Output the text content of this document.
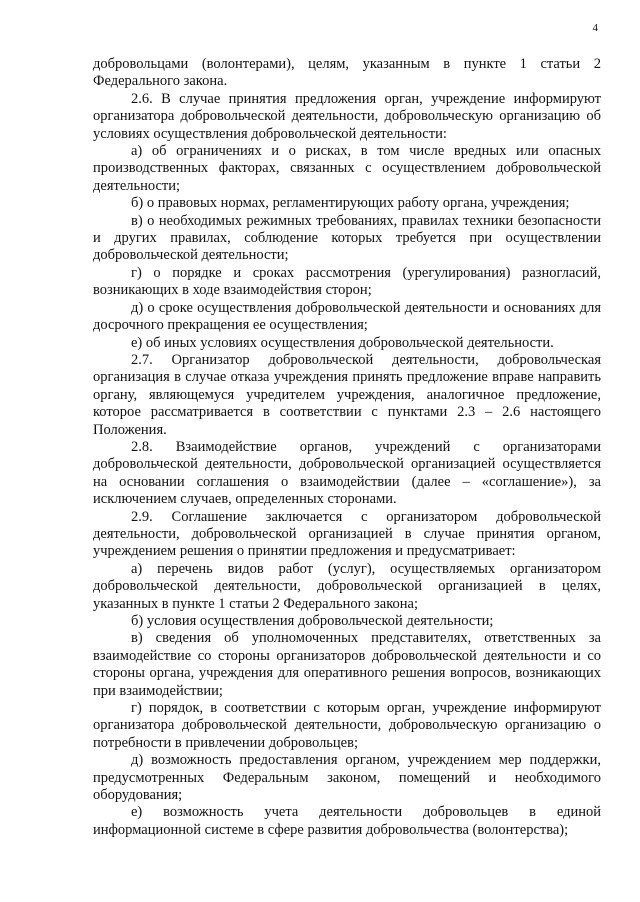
4

добровольцами (волонтерами), целям, указанным в пункте 1 статьи 2 Федерального закона.

2.6. В случае принятия предложения орган, учреждение информируют организатора добровольческой деятельности, добровольческую организацию об условиях осуществления добровольческой деятельности:

а) об ограничениях и о рисках, в том числе вредных или опасных производственных факторах, связанных с осуществлением добровольческой деятельности;

б) о правовых нормах, регламентирующих работу органа, учреждения;

в) о необходимых режимных требованиях, правилах техники безопасности и других правилах, соблюдение которых требуется при осуществлении добровольческой деятельности;

г) о порядке и сроках рассмотрения (урегулирования) разногласий, возникающих в ходе взаимодействия сторон;

д) о сроке осуществления добровольческой деятельности и основаниях для досрочного прекращения ее осуществления;

е) об иных условиях осуществления добровольческой деятельности.

2.7. Организатор добровольческой деятельности, добровольческая организация в случае отказа учреждения принять предложение вправе направить органу, являющемуся учредителем учреждения, аналогичное предложение, которое рассматривается в соответствии с пунктами 2.3 – 2.6 настоящего Положения.

2.8. Взаимодействие органов, учреждений с организаторами добровольческой деятельности, добровольческой организацией осуществляется на основании соглашения о взаимодействии (далее – «соглашение»), за исключением случаев, определенных сторонами.

2.9. Соглашение заключается с организатором добровольческой деятельности, добровольческой организацией в случае принятия органом, учреждением решения о принятии предложения и предусматривает:

а) перечень видов работ (услуг), осуществляемых организатором добровольческой деятельности, добровольческой организацией в целях, указанных в пункте 1 статьи 2 Федерального закона;

б) условия осуществления добровольческой деятельности;

в) сведения об уполномоченных представителях, ответственных за взаимодействие со стороны организаторов добровольческой деятельности и со стороны органа, учреждения для оперативного решения вопросов, возникающих при взаимодействии;

г) порядок, в соответствии с которым орган, учреждение информируют организатора добровольческой деятельности, добровольческую организацию о потребности в привлечении добровольцев;

д) возможность предоставления органом, учреждением мер поддержки, предусмотренных Федеральным законом, помещений и необходимого оборудования;

е) возможность учета деятельности добровольцев в единой информационной системе в сфере развития добровольчества (волонтерства);
